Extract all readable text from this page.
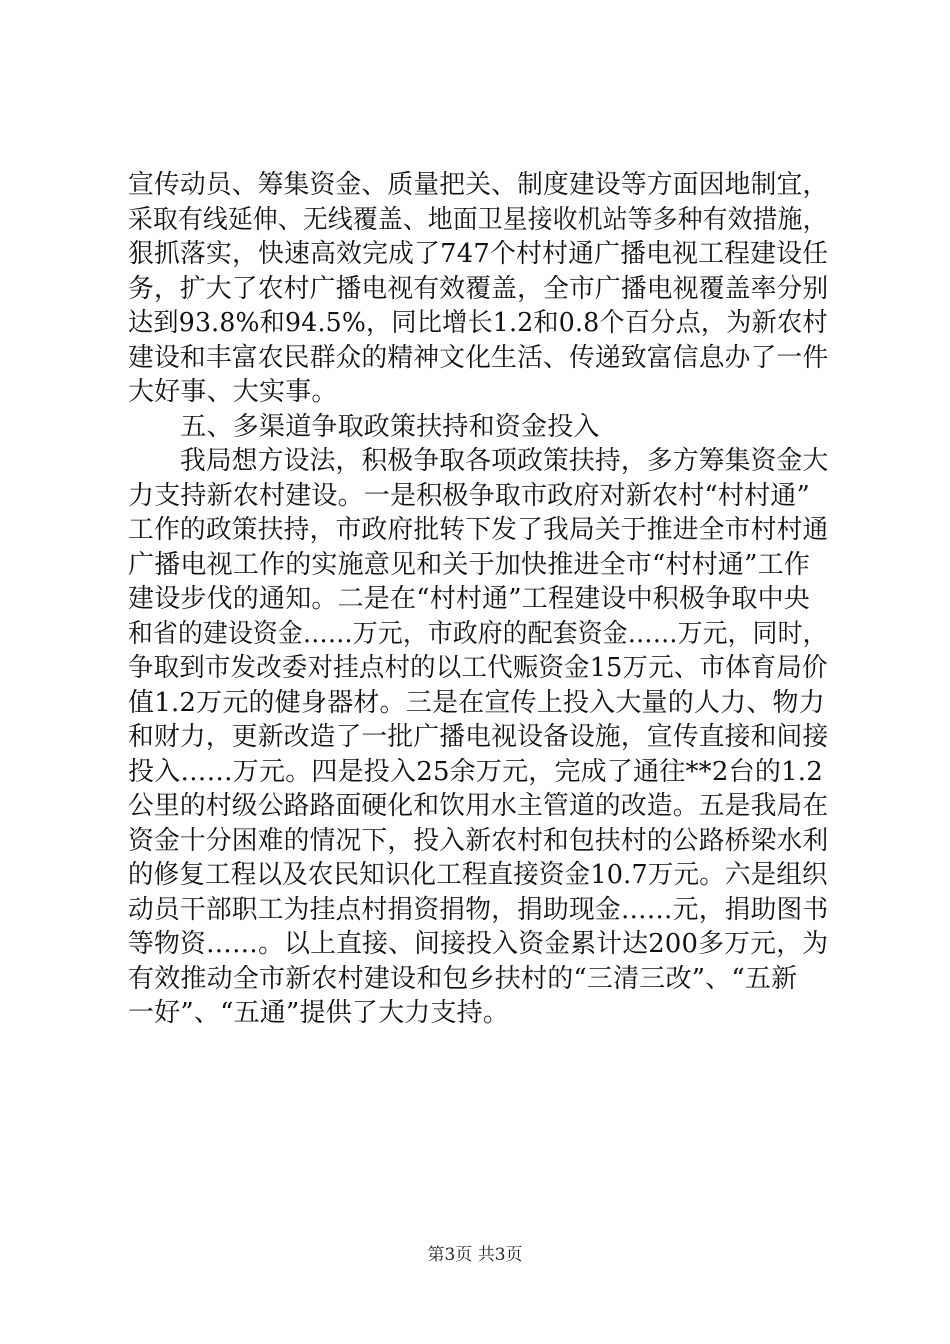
宣传动员、筹集资金、质量把关、制度建设等方面因地制宜，
采取有线延伸、无线覆盖、地面卫星接收机站等多种有效措施，
狠抓落实，快速高效完成了747个村村通广播电视工程建设任
务，扩大了农村广播电视有效覆盖，全市广播电视覆盖率分别
达到93.8%和94.5%，同比增长1.2和0.8个百分点，为新农村
建设和丰富农民群众的精神文化生活、传递致富信息办了一件
大好事、大实事。
　　五、多渠道争取政策扶持和资金投入
　　我局想方设法，积极争取各项政策扶持，多方筹集资金大
力支持新农村建设。一是积极争取市政府对新农村“村村通”
工作的政策扶持，市政府批转下发了我局关于推进全市村村通
广播电视工作的实施意见和关于加快推进全市“村村通”工作
建设步伐的通知。二是在“村村通”工程建设中积极争取中央
和省的建设资金……万元，市政府的配套资金……万元，同时，
争取到市发改委对挂点村的以工代赈资金15万元、市体育局价
值1.2万元的健身器材。三是在宣传上投入大量的人力、物力
和财力，更新改造了一批广播电视设备设施，宣传直接和间接
投入……万元。四是投入25余万元，完成了通往**2台的1.2
公里的村级公路路面硬化和饮用水主管道的改造。五是我局在
资金十分困难的情况下，投入新农村和包扶村的公路桥梁水利
的修复工程以及农民知识化工程直接资金10.7万元。六是组织
动员干部职工为挂点村捐资捐物，捐助现金……元，捐助图书
等物资……。以上直接、间接投入资金累计达200多万元，为
有效推动全市新农村建设和包乡扶村的“三清三改”、“五新
一好”、“五通”提供了大力支持。
第3页 共3页
